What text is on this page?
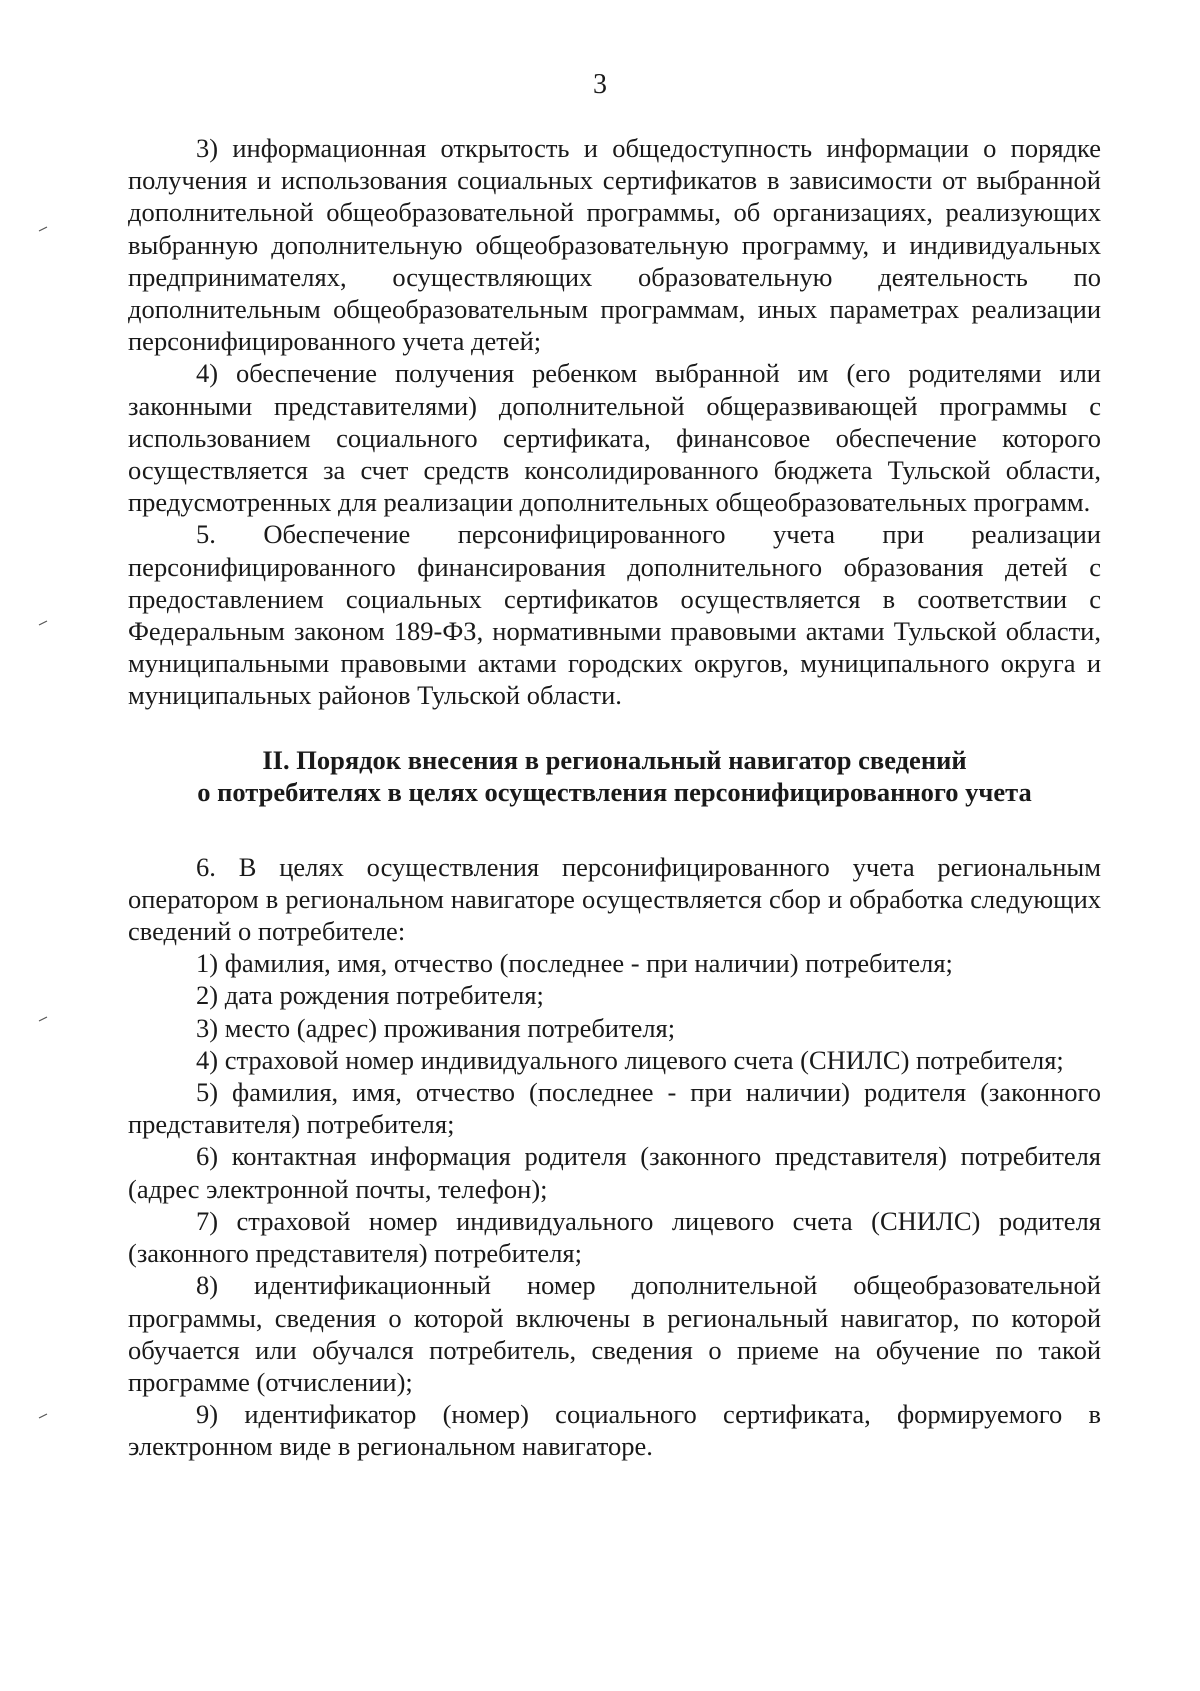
3

3) информационная открытость и общедоступность информации о порядке получения и использования социальных сертификатов в зависимости от выбранной дополнительной общеобразовательной программы, об организациях, реализующих выбранную дополнительную общеобразовательную программу, и индивидуальных предпринимателях, осуществляющих образовательную деятельность по дополнительным общеобразовательным программам, иных параметрах реализации персонифицированного учета детей;

4) обеспечение получения ребенком выбранной им (его родителями или законными представителями) дополнительной общеразвивающей программы с использованием социального сертификата, финансовое обеспечение которого осуществляется за счет средств консолидированного бюджета Тульской области, предусмотренных для реализации дополнительных общеобразовательных программ.

5. Обеспечение персонифицированного учета при реализации персонифицированного финансирования дополнительного образования детей с предоставлением социальных сертификатов осуществляется в соответствии с Федеральным законом 189-ФЗ, нормативными правовыми актами Тульской области, муниципальными правовыми актами городских округов, муниципального округа и муниципальных районов Тульской области.

II. Порядок внесения в региональный навигатор сведений
о потребителях в целях осуществления персонифицированного учета

6. В целях осуществления персонифицированного учета региональным оператором в региональном навигаторе осуществляется сбор и обработка следующих сведений о потребителе:

1) фамилия, имя, отчество (последнее - при наличии) потребителя;

2) дата рождения потребителя;

3) место (адрес) проживания потребителя;

4) страховой номер индивидуального лицевого счета (СНИЛС) потребителя;

5) фамилия, имя, отчество (последнее - при наличии) родителя (законного представителя) потребителя;

6) контактная информация родителя (законного представителя) потребителя (адрес электронной почты, телефон);

7) страховой номер индивидуального лицевого счета (СНИЛС) родителя (законного представителя) потребителя;

8) идентификационный номер дополнительной общеобразовательной программы, сведения о которой включены в региональный навигатор, по которой обучается или обучался потребитель, сведения о приеме на обучение по такой программе (отчислении);

9) идентификатор (номер) социального сертификата, формируемого в электронном виде в региональном навигаторе.
